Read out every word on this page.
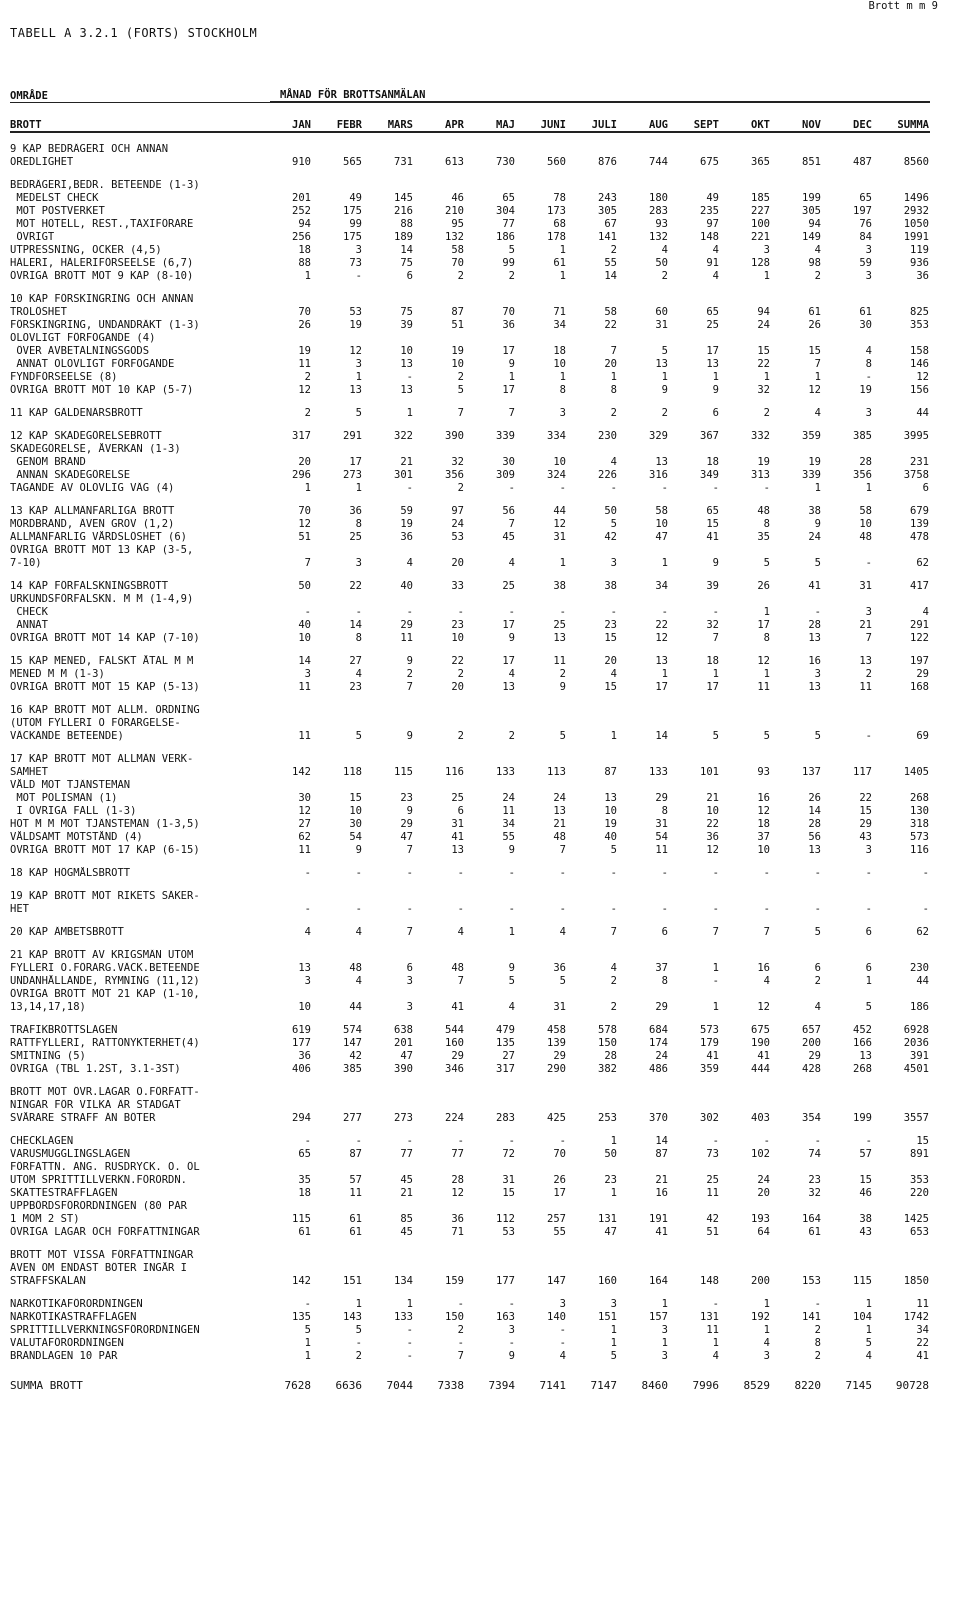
Brott m m 9
TABELL A 3.2.1 (FORTS) STOCKHOLM
OMRÅDE	MÅNAD FÖR BROTTSANMÄLAN
BROTT	JAN	FEBR	MARS	APR	MAJ	JUNI	JULI	AUG	SEPT	OKT	NOV	DEC	SUMMA
9 KAP BEDRÄGERI OCH ANNAN
OREDLIGHET	910	565	731	613	730	560	876	744	675	365	851	487	8560
BEDRÄGERI,BEDR. BETEENDE (1-3)
MEDELST CHECK	201	49	145	46	65	78	243	180	49	185	199	65	1496
MOT POSTVERKET	252	175	216	210	304	173	305	283	235	227	305	197	2932
MOT HOTELL, REST.,TAXIFÖRARE	94	99	88	95	77	68	67	93	97	100	94	76	1050
ÖVRIGT	256	175	189	132	186	178	141	132	148	221	149	84	1991
UTPRESSNING, OCKER (4,5)	18	3	14	58	5	1	2	4	4	3	4	3	119
HÄLERI, HÄLERIFÖRSEELSE (6,7)	88	73	75	70	99	61	55	50	91	128	98	59	936
ÖVRIGA BROTT MOT 9 KAP (8-10)	1	-	6	2	2	1	14	2	4	1	2	3	36
10 KAP FÖRSKINGRING OCH ANNAN
TROLÖSHET	70	53	75	87	70	71	58	60	65	94	61	61	825
FÖRSKINGRING, UNDANDRÄKT (1-3)	26	19	39	51	36	34	22	31	25	24	26	30	353
OLOVLIGT FÖRFOGANDE (4)
ÖVER AVBETALNINGSGODS	19	12	10	19	17	18	7	5	17	15	15	4	158
ANNAT OLOVLIGT FÖRFOGANDE	11	3	13	10	9	10	20	13	13	22	7	8	146
FYNDFÖRSEELSE (8)	2	1	-	2	1	1	1	1	1	1	1	-	12
ÖVRIGA BROTT MOT 10 KAP (5-7)	12	13	13	5	17	8	8	9	9	32	12	19	156
11 KAP GÄLDENÄRSBROTT	2	5	1	7	7	3	2	2	6	2	4	3	44
12 KAP SKADEGÖRELSEBROTT	317	291	322	390	339	334	230	329	367	332	359	385	3995
SKADEGÖRELSE, ÅVERKAN (1-3)
GENOM BRAND	20	17	21	32	30	10	4	13	18	19	19	28	231
ANNAN SKADEGÖRELSE	296	273	301	356	309	324	226	316	349	313	339	356	3758
TAGANDE AV OLOVLIG VÄG (4)	1	1	-	2	-	-	-	-	-	-	1	1	6
13 KAP ALLMÄNFARLIGA BROTT	70	36	59	97	56	44	50	58	65	48	38	58	679
MORDBRAND, ÄVEN GROV (1,2)	12	8	19	24	7	12	5	10	15	8	9	10	139
ALLMÄNFARLIG VÅRDSLÖSHET (6)	51	25	36	53	45	31	42	47	41	35	24	48	478
ÖVRIGA BROTT MOT 13 KAP (3-5,
7-10)	7	3	4	20	4	1	3	1	9	5	5	-	62
14 KAP FÖRFALSKNINGSBROTT	50	22	40	33	25	38	38	34	39	26	41	31	417
URKUNDSFÖRFALSKN. M M (1-4,9)
CHECK	-	-	-	-	-	-	-	-	-	1	-	3	4
ANNAT	40	14	29	23	17	25	23	22	32	17	28	21	291
ÖVRIGA BROTT MOT 14 KAP (7-10)	10	8	11	10	9	13	15	12	7	8	13	7	122
15 KAP MENED, FALSKT ÅTAL M M	14	27	9	22	17	11	20	13	18	12	16	13	197
MENED M M (1-3)	3	4	2	2	4	2	4	1	1	1	3	2	29
ÖVRIGA BROTT MOT 15 KAP (5-13)	11	23	7	20	13	9	15	17	17	11	13	11	168
16 KAP BROTT MOT ALLM. ORDNING
(UTOM FYLLERI O FÖRARGELSE-
VÄCKANDE BETEENDE)	11	5	9	2	2	5	1	14	5	5	5	-	69
17 KAP BROTT MOT ALLMÄN VERK-
SAMHET	142	118	115	116	133	113	87	133	101	93	137	117	1405
VÅLD MOT TJÄNSTEMAN
MOT POLISMAN (1)	30	15	23	25	24	24	13	29	21	16	26	22	268
I ÖVRIGA FALL (1-3)	12	10	9	6	11	13	10	8	10	12	14	15	130
HOT M M MOT TJÄNSTEMAN (1-3,5)	27	30	29	31	34	21	19	31	22	18	28	29	318
VÅLDSAMT MOTSTÅND (4)	62	54	47	41	55	48	40	54	36	37	56	43	573
ÖVRIGA BROTT MOT 17 KAP (6-15)	11	9	7	13	9	7	5	11	12	10	13	3	116
18 KAP HÖGMÅLSBROTT	-	-	-	-	-	-	-	-	-	-	-	-	-
19 KAP BROTT MOT RIKETS SÄKER-
HET	-	-	-	-	-	-	-	-	-	-	-	-	-
20 KAP ÄMBETSBROTT	4	4	7	4	1	4	7	6	7	7	5	6	62
21 KAP BROTT AV KRIGSMÄN UTOM
FYLLERI O.FÖRARG.VÄCK.BETEENDE	13	48	6	48	9	36	4	37	1	16	6	6	230
UNDANHÅLLANDE, RYMNING (11,12)	3	4	3	7	5	5	2	8	-	4	2	1	44
ÖVRIGA BROTT MOT 21 KAP (1-10,
13,14,17,18)	10	44	3	41	4	31	2	29	1	12	4	5	186
TRAFIKBROTTSLAGEN	619	574	638	544	479	458	578	684	573	675	657	452	6928
RATTFYLLERI, RATTONYKTERHET(4)	177	147	201	160	135	139	150	174	179	190	200	166	2036
SMITNING (5)	36	42	47	29	27	29	28	24	41	41	29	13	391
ÖVRIGA (TBL 1.2ST, 3.1-3ST)	406	385	390	346	317	290	382	486	359	444	428	268	4501
BROTT MOT ÖVR.LAGAR O.FÖRFATT-
NINGAR FÖR VILKA ÄR STADGAT
SVÅRARE STRAFF ÄN BÖTER	294	277	273	224	283	425	253	370	302	403	354	199	3557
CHECKLAGEN	-	-	-	-	-	-	1	14	-	-	-	-	15
VARUSMUGGLINGSLAGEN	65	87	77	77	72	70	50	87	73	102	74	57	891
FÖRFATTN. ANG. RUSDRYCK. O. ÖL
UTOM SPRITTILLVERKN.FÖRORDN.	35	57	45	28	31	26	23	21	25	24	23	15	353
SKATTESTRAFFLAGEN	18	11	21	12	15	17	1	16	11	20	32	46	220
UPPBÖRDSFÖRORDNINGEN (80 PAR
1 MOM 2 ST)	115	61	85	36	112	257	131	191	42	193	164	38	1425
ÖVRIGA LAGAR OCH FÖRFATTNINGAR	61	61	45	71	53	55	47	41	51	64	61	43	653
BROTT MOT VISSA FÖRFATTNINGAR
ÄVEN OM ENDAST BÖTER INGÅR I
STRAFFSKALAN	142	151	134	159	177	147	160	164	148	200	153	115	1850
NARKOTIKAFÖRORDNINGEN	-	1	1	-	-	3	3	1	-	1	-	1	11
NARKOTIKASTRAFFLAGEN	135	143	133	150	163	140	151	157	131	192	141	104	1742
SPRITTILLVERKNINGSFÖRORDNINGEN	5	5	-	2	3	-	1	3	11	1	2	1	34
VALUTAFÖRORDNINGEN	1	-	-	-	-	-	1	1	1	4	8	5	22
BRANDLAGEN 10 PAR	1	2	-	7	9	4	5	3	4	3	2	4	41
SUMMA BROTT	7628	6636	7044	7338	7394	7141	7147	8460	7996	8529	8220	7145	90728
